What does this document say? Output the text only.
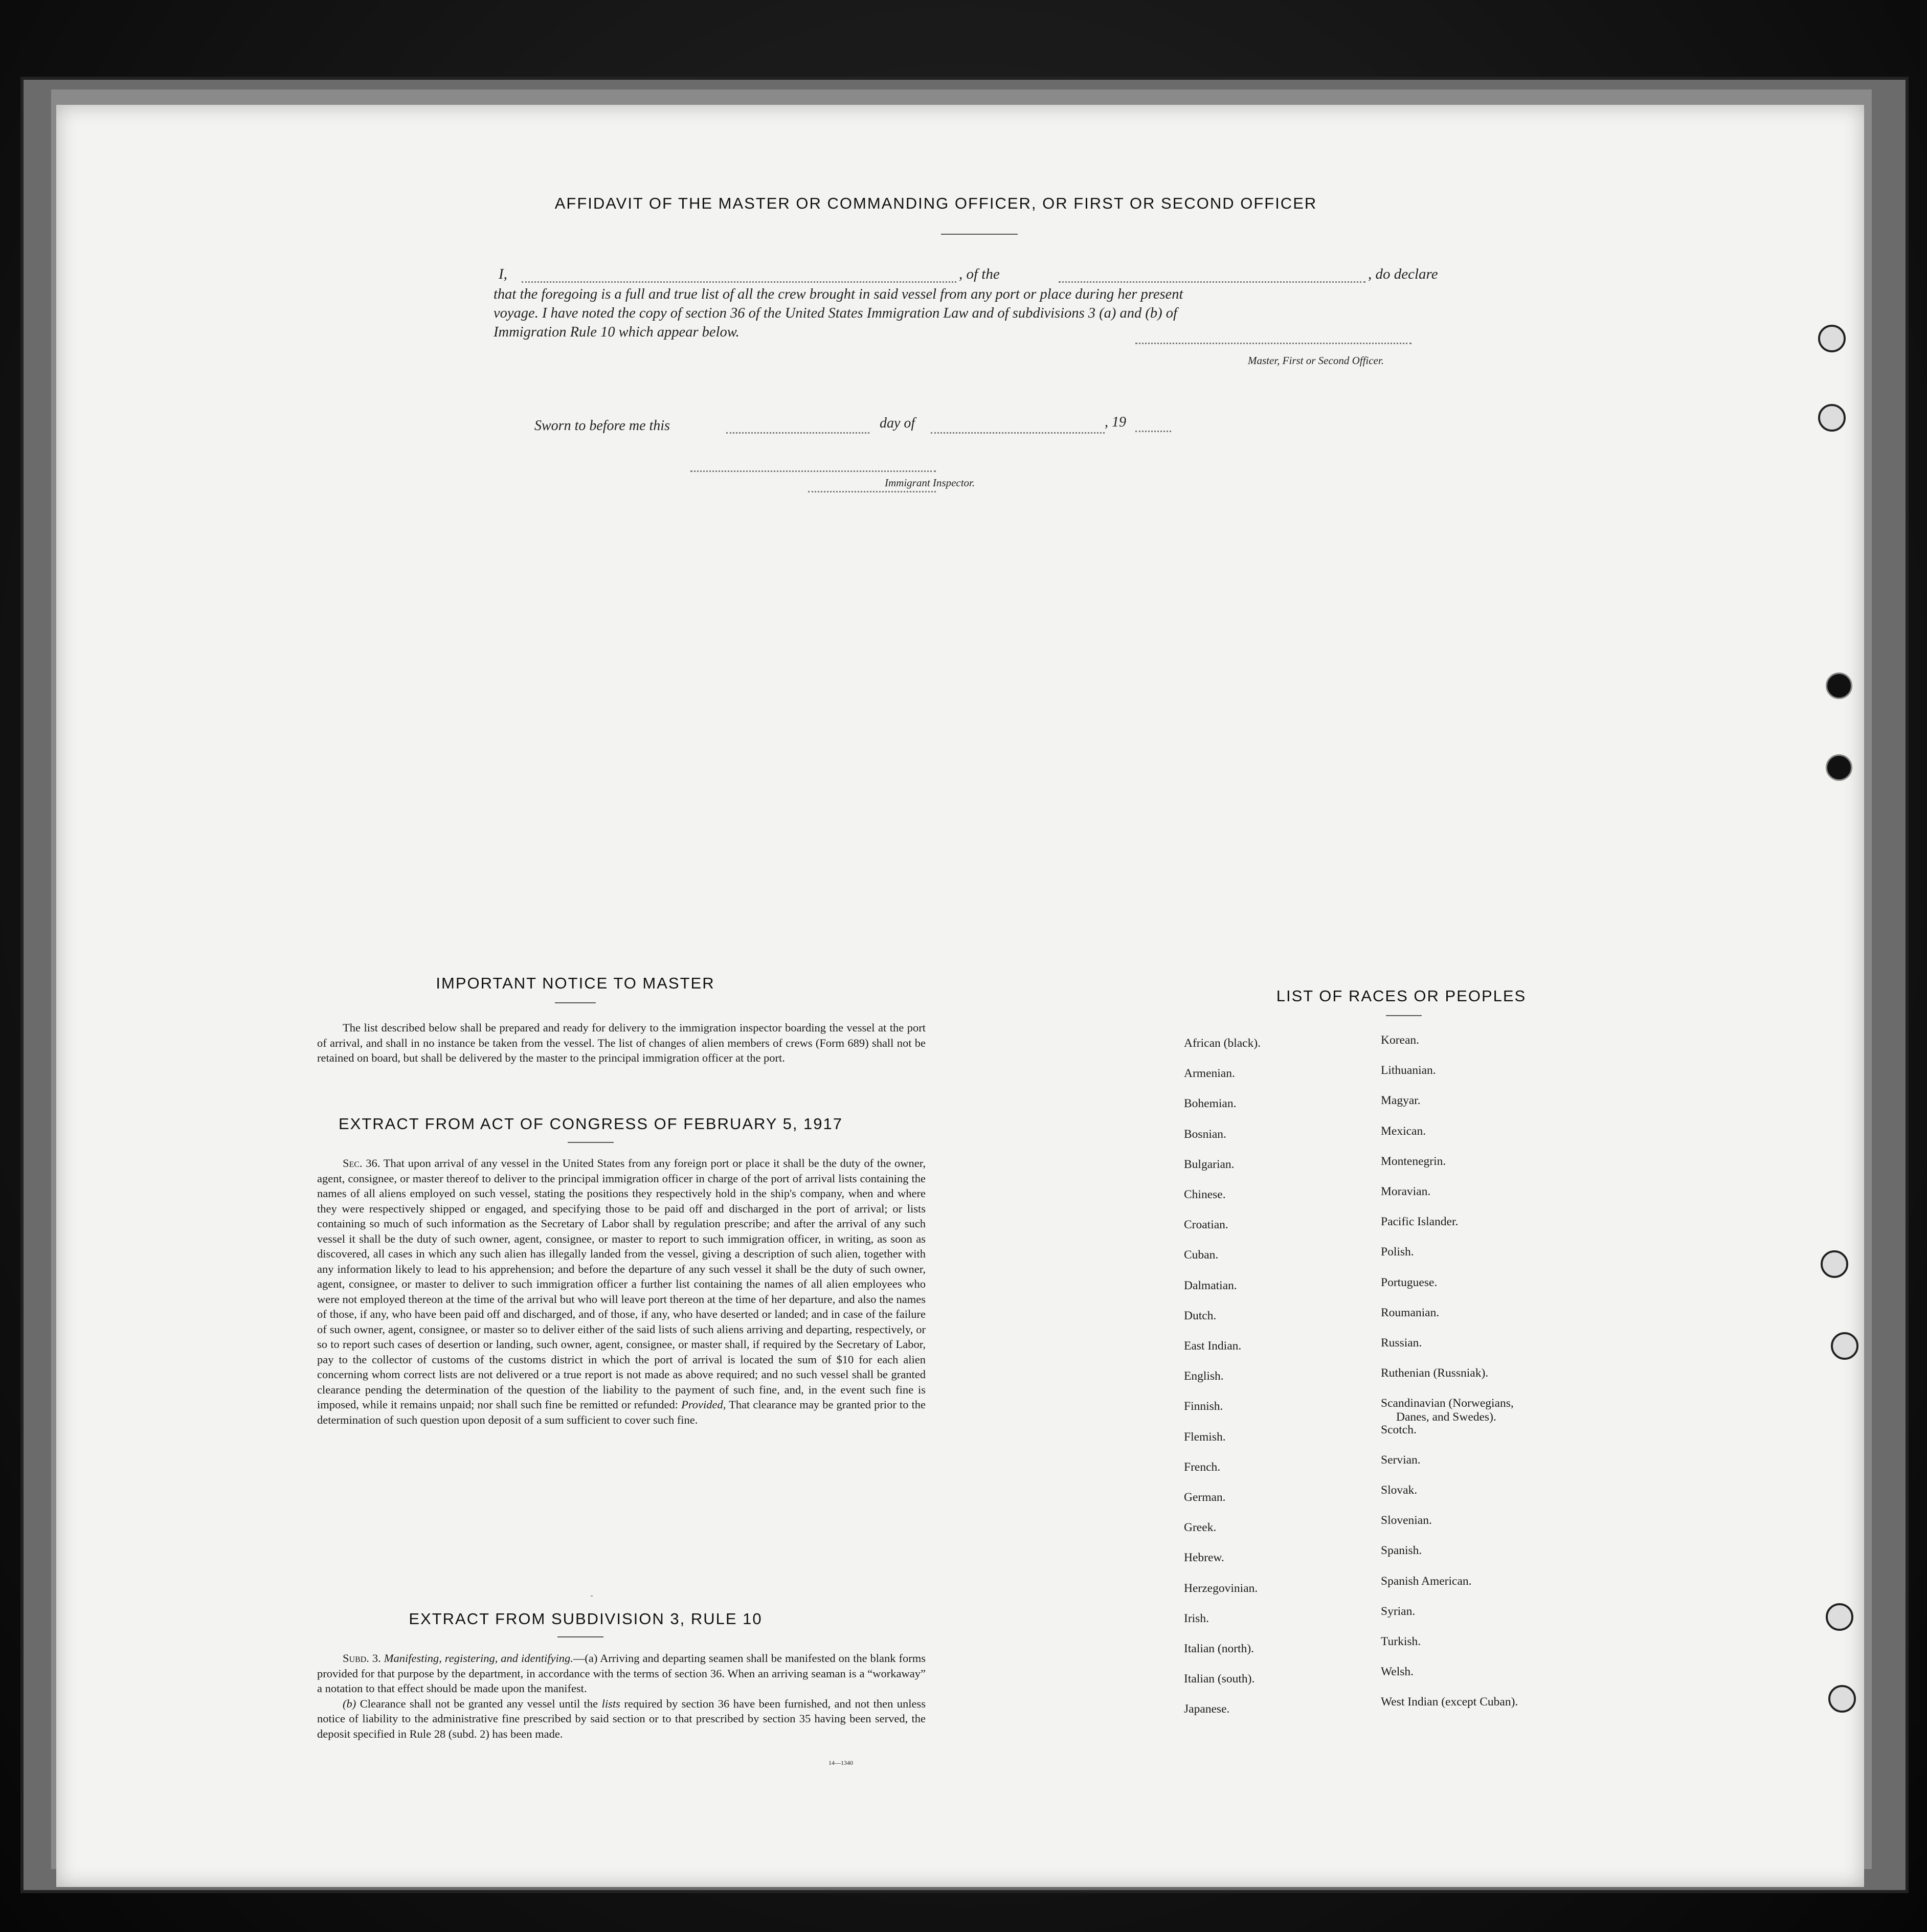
AFFIDAVIT OF THE MASTER OR COMMANDING OFFICER, OR FIRST OR SECOND OFFICER
I,	, of the	, do declare
that the foregoing is a full and true list of all the crew brought in said vessel from any port or place during her present
voyage. I have noted the copy of section 36 of the United States Immigration Law and of subdivisions 3 (a) and (b) of
Immigration Rule 10 which appear below.
Master, First or Second Officer.
Sworn to before me this	day of	, 19
Immigrant Inspector.
IMPORTANT NOTICE TO MASTER

The list described below shall be prepared and ready for delivery to the immigration inspector boarding the vessel at the port of arrival, and shall in no instance be taken from the vessel. The list of changes of alien members of crews (Form 689) shall not be retained on board, but shall be delivered by the master to the principal immigration officer at the port.

EXTRACT FROM ACT OF CONGRESS OF FEBRUARY 5, 1917

Sec. 36. That upon arrival of any vessel in the United States from any foreign port or place it shall be the duty of the owner, agent, consignee, or master thereof to deliver to the principal immigration officer in charge of the port of arrival lists containing the names of all aliens employed on such vessel, stating the positions they respectively hold in the ship's company, when and where they were respectively shipped or engaged, and specifying those to be paid off and discharged in the port of arrival; or lists containing so much of such information as the Secretary of Labor shall by regulation prescribe; and after the arrival of any such vessel it shall be the duty of such owner, agent, consignee, or master to report to such immigration officer, in writing, as soon as discovered, all cases in which any such alien has illegally landed from the vessel, giving a description of such alien, together with any information likely to lead to his apprehension; and before the departure of any such vessel it shall be the duty of such owner, agent, consignee, or master to deliver to such immigration officer a further list containing the names of all alien employees who were not employed thereon at the time of the arrival but who will leave port thereon at the time of her departure, and also the names of those, if any, who have been paid off and discharged, and of those, if any, who have deserted or landed; and in case of the failure of such owner, agent, consignee, or master so to deliver either of the said lists of such aliens arriving and departing, respectively, or so to report such cases of desertion or landing, such owner, agent, consignee, or master shall, if required by the Secretary of Labor, pay to the collector of customs of the customs district in which the port of arrival is located the sum of $10 for each alien concerning whom correct lists are not delivered or a true report is not made as above required; and no such vessel shall be granted clearance pending the determination of the question of the liability to the payment of such fine, and, in the event such fine is imposed, while it remains unpaid; nor shall such fine be remitted or refunded: Provided, That clearance may be granted prior to the determination of such question upon deposit of a sum sufficient to cover such fine.

EXTRACT FROM SUBDIVISION 3, RULE 10

Subd. 3. Manifesting, registering, and identifying.—(a) Arriving and departing seamen shall be manifested on the blank forms provided for that purpose by the department, in accordance with the terms of section 36. When an arriving seaman is a “workaway” a notation to that effect should be made upon the manifest.

(b) Clearance shall not be granted any vessel until the lists required by section 36 have been furnished, and not then unless notice of liability to the administrative fine prescribed by said section or to that prescribed by section 35 having been served, the deposit specified in Rule 28 (subd. 2) has been made.

14—1340
LIST OF RACES OR PEOPLES
African (black).
Armenian.
Bohemian.
Bosnian.
Bulgarian.
Chinese.
Croatian.
Cuban.
Dalmatian.
Dutch.
East Indian.
English.
Finnish.
Flemish.
French.
German.
Greek.
Hebrew.
Herzegovinian.
Irish.
Italian (north).
Italian (south).
Japanese.
Korean.
Lithuanian.
Magyar.
Mexican.
Montenegrin.
Moravian.
Pacific Islander.
Polish.
Portuguese.
Roumanian.
Russian.
Ruthenian (Russniak).
Scandinavian (Norwegians,
Scotch.
Servian.
Slovak.
Slovenian.
Spanish.
Spanish American.
Syrian.
Turkish.
Welsh.
West Indian (except Cuban).
Danes, and Swedes).
